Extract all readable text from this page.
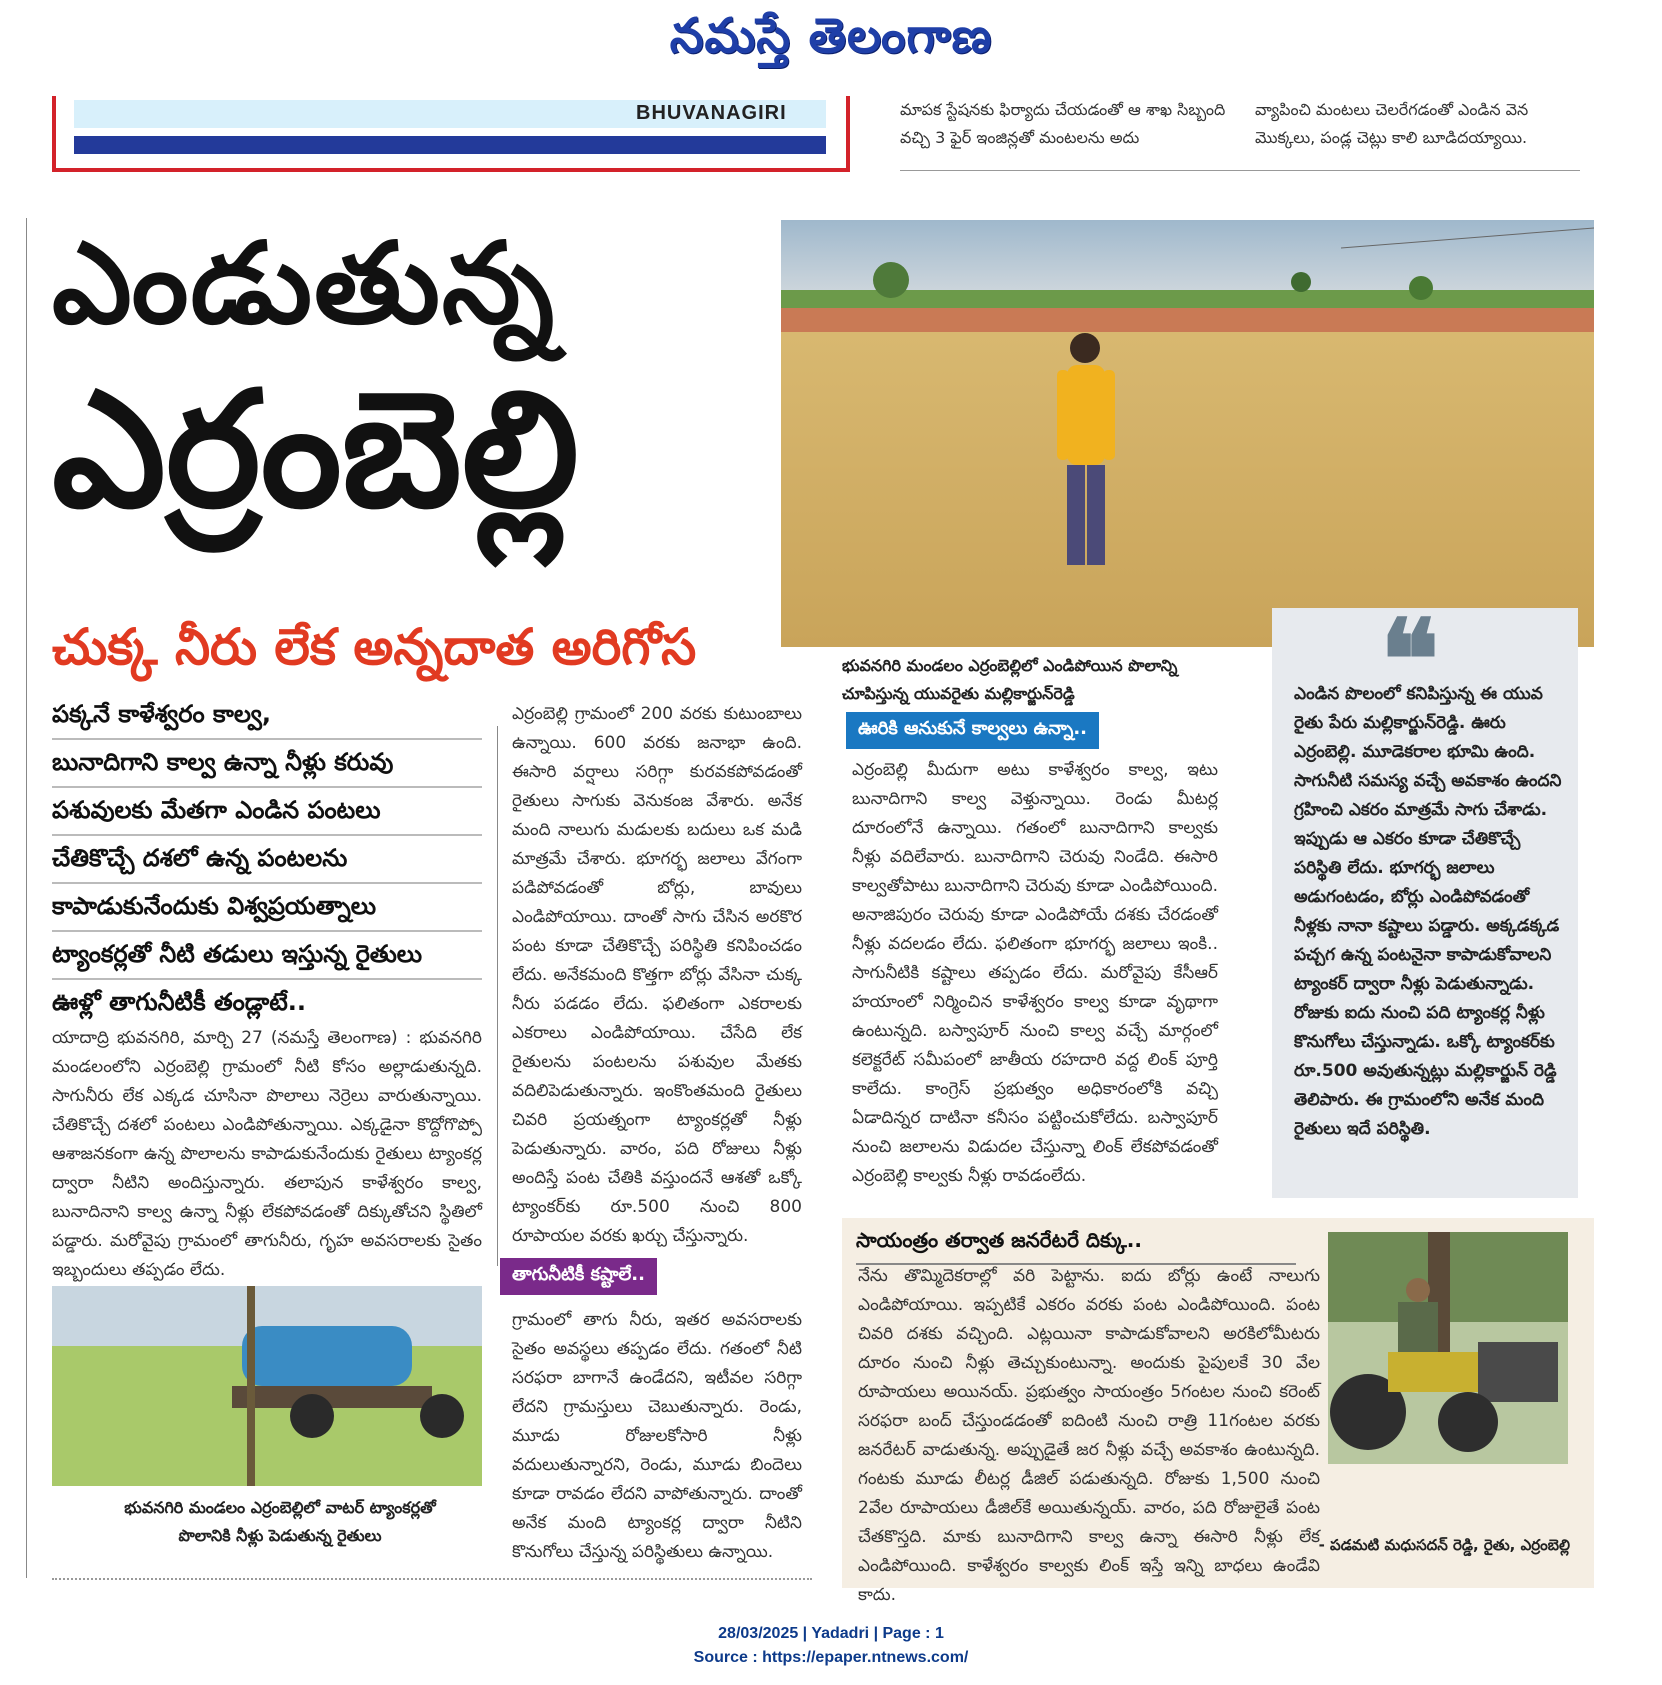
నమస్తే తెలంగాణ
BHUVANAGIRI	మాపక స్టేషనకు ఫిర్యాదు చేయడంతో ఆ శాఖ సిబ్బంది వచ్చి 3 ఫైర్ ఇంజిన్లతో మంటలను అదు
వ్యాపించి మంటలు చెలరేగడంతో ఎండిన వెన మొక్కలు, పండ్ల చెట్లు కాలి బూడిదయ్యాయి.
ఎండుతున్న
ఎర్రంబెల్లి
చుక్క నీరు లేక అన్నదాత అరిగోస
పక్కనే కాళేశ్వరం కాల్వ,
బునాదిగాని కాల్వ ఉన్నా నీళ్లు కరువు
పశువులకు మేతగా ఎండిన పంటలు
చేతికొచ్చే దశలో ఉన్న పంటలను
కాపాడుకునేందుకు విశ్వప్రయత్నాలు
ట్యాంకర్లతో నీటి తడులు ఇస్తున్న రైతులు
ఊళ్లో తాగునీటికీ తండ్లాటే..
యాదాద్రి భువనగిరి, మార్చి 27 (నమస్తే తెలంగాణ) : భువనగిరి మండలంలోని ఎర్రంబెల్లి గ్రామంలో నీటి కోసం అల్లాడుతున్నది. సాగునీరు లేక ఎక్కడ చూసినా పొలాలు నెర్రెలు వారుతున్నాయి. చేతికొచ్చే దశలో పంటలు ఎండిపోతున్నాయి. ఎక్కడైనా కొద్దోగొప్పో ఆశాజనకంగా ఉన్న పొలాలను కాపాడుకునేందుకు రైతులు ట్యాంకర్ల ద్వారా నీటిని అందిస్తున్నారు. తలాపున కాళేశ్వరం కాల్వ, బునాదినాని కాల్వ ఉన్నా నీళ్లు లేకపోవడంతో దిక్కుతోచని స్థితిలో పడ్డారు. మరోవైపు గ్రామంలో తాగునీరు, గృహ అవసరాలకు సైతం ఇబ్బందులు తప్పడం లేదు.
భువనగిరి మండలం ఎర్రంబెల్లిలో వాటర్ ట్యాంకర్లతో పొలానికి నీళ్లు పెడుతున్న రైతులు
ఎర్రంబెల్లి గ్రామంలో 200 వరకు కుటుంబాలు ఉన్నాయి. 600 వరకు జనాభా ఉంది. ఈసారి వర్షాలు సరిగ్గా కురవకపోవడంతో రైతులు సాగుకు వెనుకంజ వేశారు. అనేక మంది నాలుగు మడులకు బదులు ఒక మడి మాత్రమే చేశారు. భూగర్భ జలాలు వేగంగా పడిపోవడంతో బోర్లు, బావులు ఎండిపోయాయి. దాంతో సాగు చేసిన అరకొర పంట కూడా చేతికొచ్చే పరిస్థితి కనిపించడం లేదు. అనేకమంది కొత్తగా బోర్లు వేసినా చుక్క నీరు పడడం లేదు. ఫలితంగా ఎకరాలకు ఎకరాలు ఎండిపోయాయి. చేసేది లేక రైతులను పంటలను పశువుల మేతకు వదిలిపెడుతున్నారు. ఇంకొంతమంది రైతులు చివరి ప్రయత్నంగా ట్యాంకర్లతో నీళ్లు పెడుతున్నారు. వారం, పది రోజులు నీళ్లు అందిస్తే పంట చేతికి వస్తుందనే ఆశతో ఒక్కో ట్యాంకర్‌కు రూ.500 నుంచి 800 రూపాయల వరకు ఖర్చు చేస్తున్నారు.
తాగునీటికీ కష్టాలే..
గ్రామంలో తాగు నీరు, ఇతర అవసరాలకు సైతం అవస్థలు తప్పడం లేదు. గతంలో నీటి సరఫరా బాగానే ఉండేదని, ఇటీవల సరిగ్గా లేదని గ్రామస్తులు చెబుతున్నారు. రెండు, మూడు రోజులకోసారి నీళ్లు వదులుతున్నారని, రెండు, మూడు బిందెలు కూడా రావడం లేదని వాపోతున్నారు. దాంతో అనేక మంది ట్యాంకర్ల ద్వారా నీటిని కొనుగోలు చేస్తున్న పరిస్థితులు ఉన్నాయి.
భువనగిరి మండలం ఎర్రంబెల్లిలో ఎండిపోయిన పొలాన్ని చూపిస్తున్న యువరైతు మల్లికార్జున్‌రెడ్డి
ఊరికి ఆనుకునే కాల్వలు ఉన్నా..
ఎర్రంబెల్లి మీదుగా అటు కాళేశ్వరం కాల్వ, ఇటు బునాదిగాని కాల్వ వెళ్తున్నాయి. రెండు మీటర్ల దూరంలోనే ఉన్నాయి. గతంలో బునాదిగాని కాల్వకు నీళ్లు వదిలేవారు. బునాదిగాని చెరువు నిండేది. ఈసారి కాల్వతోపాటు బునాదిగాని చెరువు కూడా ఎండిపోయింది. అనాజిపురం చెరువు కూడా ఎండిపోయే దశకు చేరడంతో నీళ్లు వదలడం లేదు. ఫలితంగా భూగర్భ జలాలు ఇంకి.. సాగునీటికి కష్టాలు తప్పడం లేదు. మరోవైపు కేసీఆర్ హయాంలో నిర్మించిన కాళేశ్వరం కాల్వ కూడా వృథాగా ఉంటున్నది. బస్వాపూర్ నుంచి కాల్వ వచ్చే మార్గంలో కలెక్టరేట్ సమీపంలో జాతీయ రహదారి వద్ద లింక్ పూర్తి కాలేదు. కాంగ్రెస్ ప్రభుత్వం అధికారంలోకి వచ్చి ఏడాదిన్నర దాటినా కనీసం పట్టించుకోలేదు. బస్వాపూర్ నుంచి జలాలను విడుదల చేస్తున్నా లింక్ లేకపోవడంతో ఎర్రంబెల్లి కాల్వకు నీళ్లు రావడంలేదు.
❝
ఎండిన పొలంలో కనిపిస్తున్న ఈ యువ రైతు పేరు మల్లికార్జున్‌రెడ్డి. ఊరు ఎర్రంబెల్లి. మూడెకరాల భూమి ఉంది. సాగునీటి సమస్య వచ్చే అవకాశం ఉందని గ్రహించి ఎకరం మాత్రమే సాగు చేశాడు. ఇప్పుడు ఆ ఎకరం కూడా చేతికొచ్చే పరిస్థితి లేదు. భూగర్భ జలాలు అడుగంటడం, బోర్లు ఎండిపోవడంతో నీళ్లకు నానా కష్టాలు పడ్డారు. అక్కడక్కడ పచ్చగ ఉన్న పంటనైనా కాపాడుకోవాలని ట్యాంకర్ ద్వారా నీళ్లు పెడుతున్నాడు. రోజుకు ఐదు నుంచి పది ట్యాంకర్ల నీళ్లు కొనుగోలు చేస్తున్నాడు. ఒక్కో ట్యాంకర్‌కు రూ.500 అవుతున్నట్లు మల్లికార్జున్ రెడ్డి తెలిపారు. ఈ గ్రామంలోని అనేక మంది రైతులు ఇదే పరిస్థితి.
సాయంత్రం తర్వాత జనరేటరే దిక్కు..
నేను తొమ్మిదెకరాల్లో వరి పెట్టాను. ఐదు బోర్లు ఉంటే నాలుగు ఎండిపోయాయి. ఇప్పటికే ఎకరం వరకు పంట ఎండిపోయింది. పంట చివరి దశకు వచ్చింది. ఎట్లయినా కాపాడుకోవాలని అరకిలోమీటరు దూరం నుంచి నీళ్లు తెచ్చుకుంటున్నా. అందుకు పైపులకే 30 వేల రూపాయలు అయినయ్. ప్రభుత్వం సాయంత్రం 5గంటల నుంచి కరెంట్ సరఫరా బంద్ చేస్తుండడంతో ఐదింటి నుంచి రాత్రి 11గంటల వరకు జనరేటర్ వాడుతున్న. అప్పుడైతే జర నీళ్లు వచ్చే అవకాశం ఉంటున్నది. గంటకు మూడు లీటర్ల డీజిల్ పడుతున్నది. రోజుకు 1,500 నుంచి 2వేల రూపాయలు డీజిల్‌కే అయితున్నయ్. వారం, పది రోజులైతే పంట చేతకొస్తది. మాకు బునాదిగాని కాల్వ ఉన్నా ఈసారి నీళ్లు లేక ఎండిపోయింది. కాళేశ్వరం కాల్వకు లింక్ ఇస్తే ఇన్ని బాధలు ఉండేవి కాదు.
- పడమటి మధుసదన్ రెడ్డి, రైతు, ఎర్రంబెల్లి
28/03/2025 | Yadadri | Page : 1
Source : https://epaper.ntnews.com/
